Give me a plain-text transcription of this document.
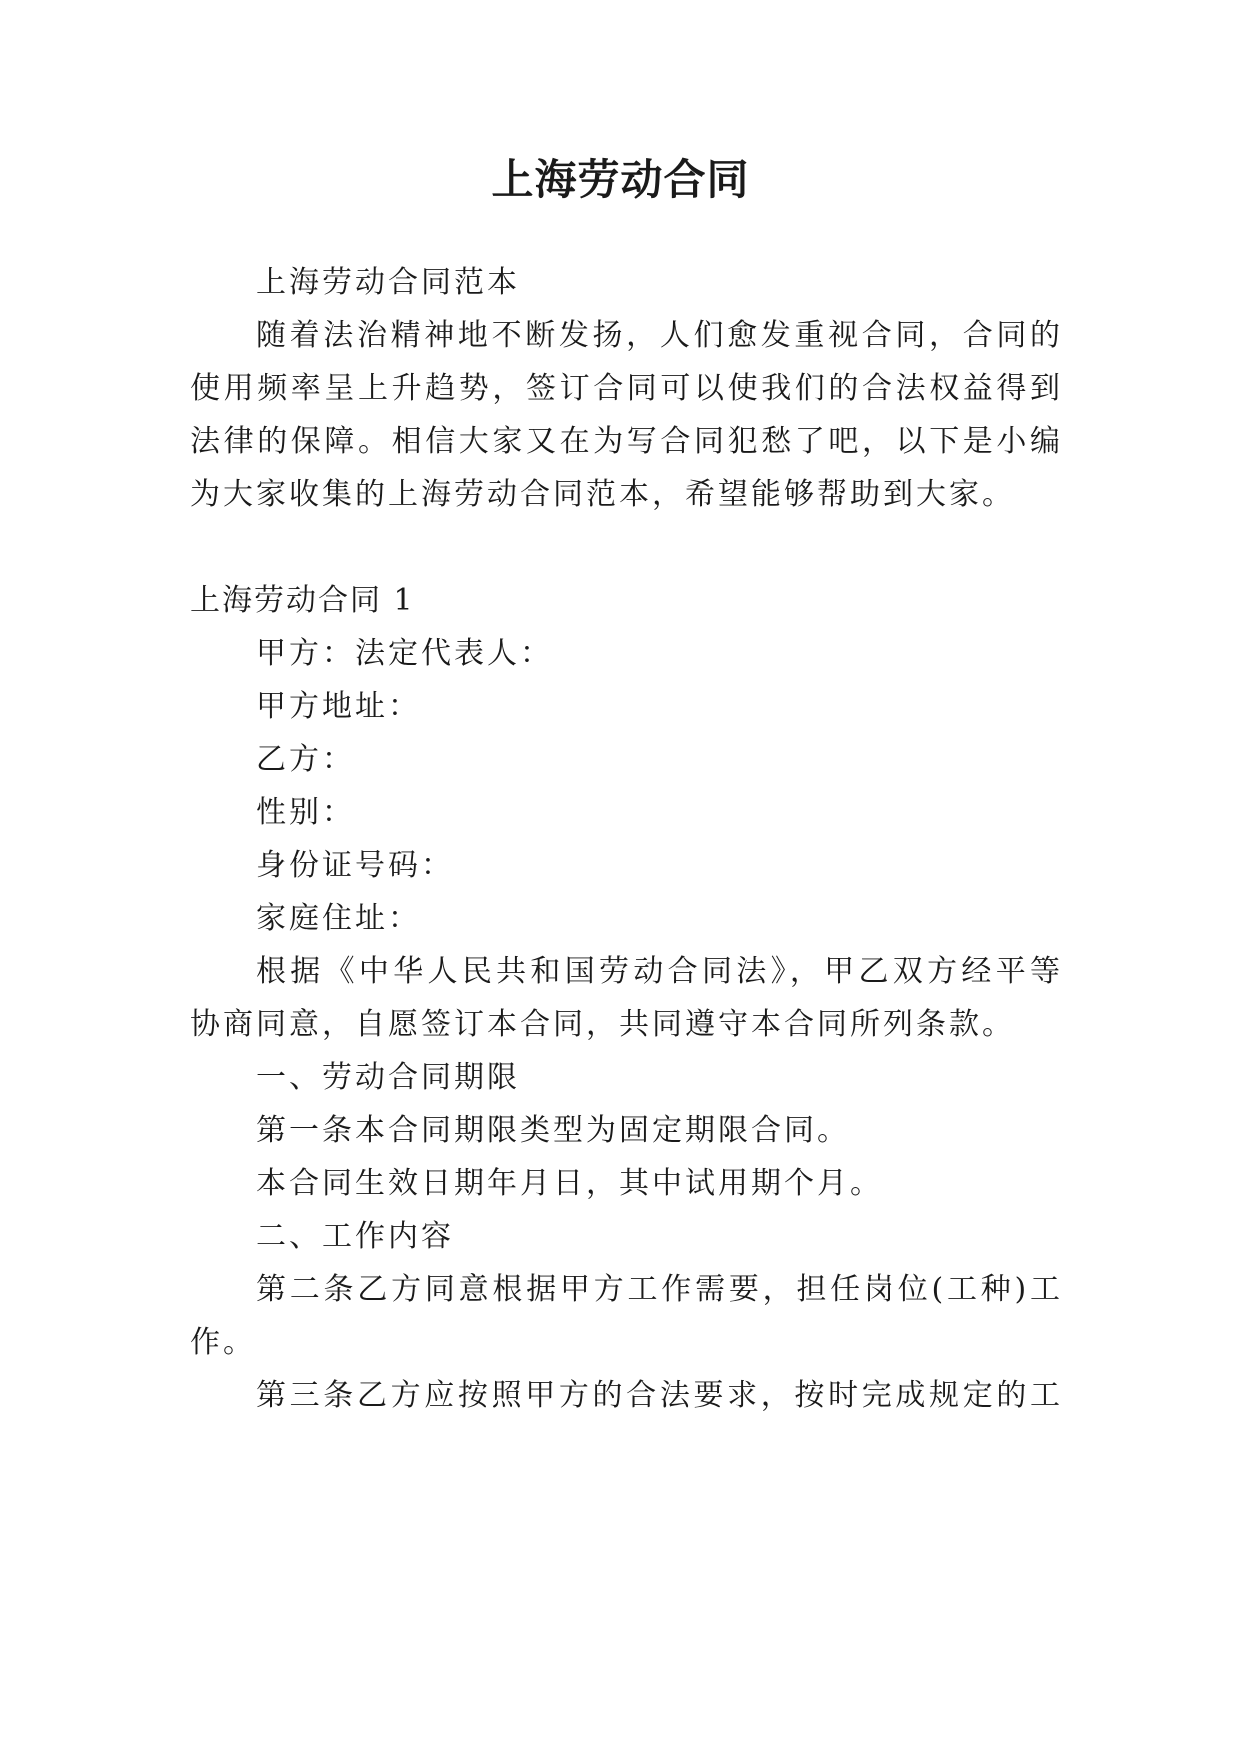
上海劳动合同

上海劳动合同范本

随着法治精神地不断发扬，人们愈发重视合同，合同的

使用频率呈上升趋势，签订合同可以使我们的合法权益得到

法律的保障。相信大家又在为写合同犯愁了吧，以下是小编

为大家收集的上海劳动合同范本，希望能够帮助到大家。

上海劳动合同 1

甲方：法定代表人：

甲方地址：

乙方：

性别：

身份证号码：

家庭住址：

根据《中华人民共和国劳动合同法》，甲乙双方经平等

协商同意，自愿签订本合同，共同遵守本合同所列条款。

一、劳动合同期限

第一条本合同期限类型为固定期限合同。

本合同生效日期年月日，其中试用期个月。

二、工作内容

第二条乙方同意根据甲方工作需要，担任岗位(工种)工

作。

第三条乙方应按照甲方的合法要求，按时完成规定的工
